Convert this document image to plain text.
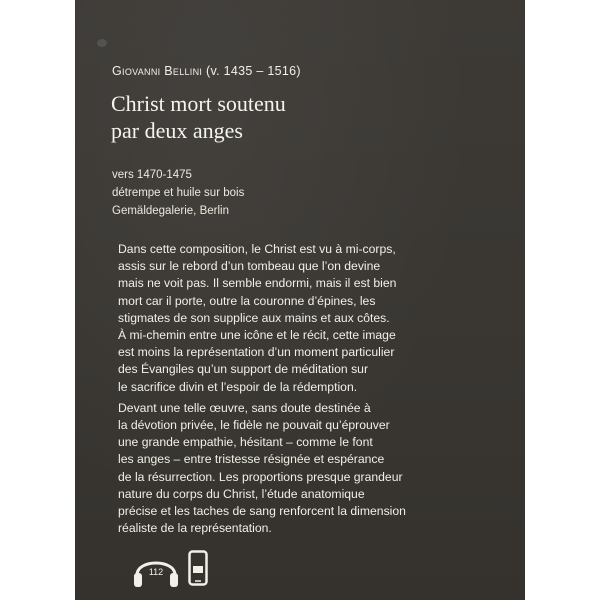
Giovanni Bellini (v. 1435 – 1516)
Christ mort soutenu
par deux anges
vers 1470-1475
détrempe et huile sur bois
Gemäldegalerie, Berlin
Dans cette composition, le Christ est vu à mi-corps,
assis sur le rebord d’un tombeau que l’on devine
mais ne voit pas. Il semble endormi, mais il est bien
mort car il porte, outre la couronne d’épines, les
stigmates de son supplice aux mains et aux côtes.
À mi-chemin entre une icône et le récit, cette image
est moins la représentation d’un moment particulier
des Évangiles qu’un support de méditation sur
le sacrifice divin et l’espoir de la rédemption.
Devant une telle œuvre, sans doute destinée à
la dévotion privée, le fidèle ne pouvait qu’éprouver
une grande empathie, hésitant – comme le font
les anges – entre tristesse résignée et espérance
de la résurrection. Les proportions presque grandeur
nature du corps du Christ, l’étude anatomique
précise et les taches de sang renforcent la dimension
réaliste de la représentation.
112
